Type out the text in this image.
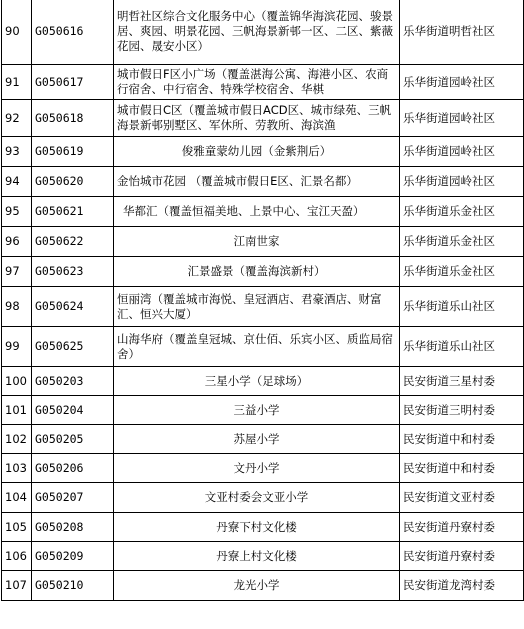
90	G050616	明哲社区综合文化服务中心（覆盖锦华海滨花园、骏景居、爽园、明景花园、三帆海景新邨一区、二区、紫薇花园、晟安小区）	乐华街道明哲社区

91	G050617	城市假日F区小广场（覆盖湛海公寓、海港小区、农商行宿舍、中行宿舍、特殊学校宿舍、华棋	乐华街道园岭社区

92	G050618	城市假日C区（覆盖城市假日ACD区、城市绿苑、三帆海景新邨别墅区、军休所、劳教所、海滨渔	乐华街道园岭社区

93	G050619	俊雅童蒙幼儿园（金紫荆后）	乐华街道园岭社区

94	G050620	金怡城市花园 （覆盖城市假日E区、汇景名都）	乐华街道园岭社区

95	G050621	华都汇（覆盖恒福美地、上景中心、宝江天盈）	乐华街道乐金社区

96	G050622	江南世家	乐华街道乐金社区

97	G050623	汇景盛景（覆盖海滨新村）	乐华街道乐金社区

98	G050624	恒丽湾（覆盖城市海悦、皇冠酒店、君豪酒店、财富汇、恒兴大厦）	乐华街道乐山社区

99	G050625	山海华府（覆盖皇冠城、京仕佰、乐宾小区、质监局宿舍）	乐华街道乐山社区

100	G050203	三星小学（足球场）	民安街道三星村委

101	G050204	三益小学	民安街道三明村委

102	G050205	苏屋小学	民安街道中和村委

103	G050206	文丹小学	民安街道中和村委

104	G050207	文亚村委会文亚小学	民安街道文亚村委

105	G050208	丹寮下村文化楼	民安街道丹寮村委

106	G050209	丹寮上村文化楼	民安街道丹寮村委

107	G050210	龙光小学	民安街道龙湾村委
